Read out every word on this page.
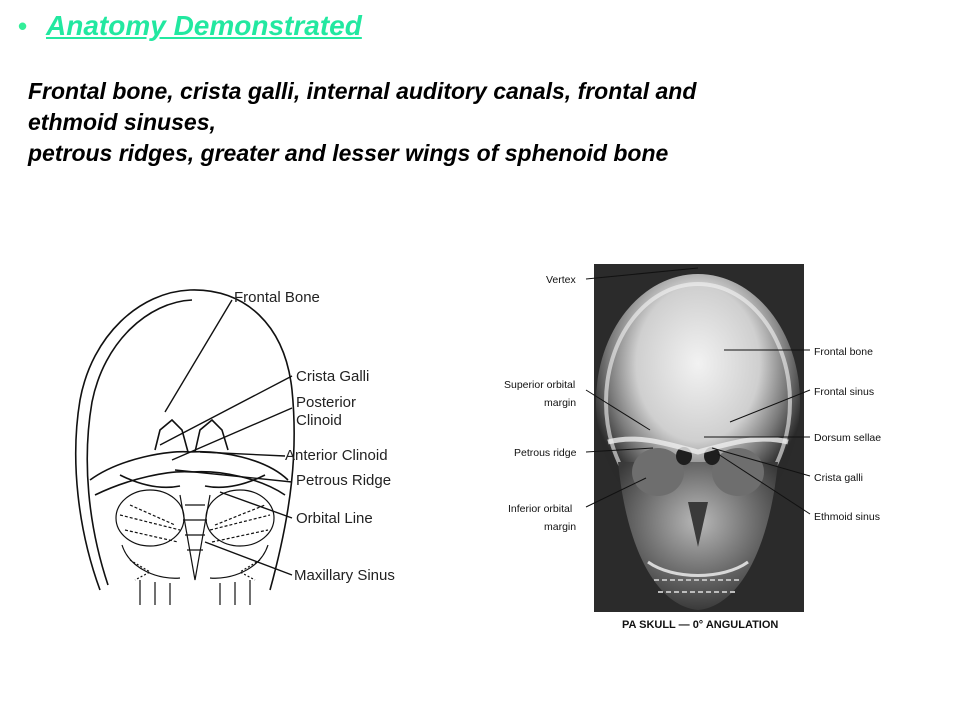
• Anatomy Demonstrated
Frontal bone, crista galli, internal auditory canals, frontal and
ethmoid sinuses,
petrous ridges, greater and lesser wings of sphenoid bone
Frontal Bone
Crista Galli
Posterior
Clinoid
Anterior Clinoid
Petrous Ridge
Orbital Line
Maxillary Sinus
Vertex
Superior orbital
margin
Petrous ridge
Inferior orbital
margin
Frontal bone
Frontal sinus
Dorsum sellae
Crista galli
Ethmoid sinus
PA SKULL — 0° ANGULATION
